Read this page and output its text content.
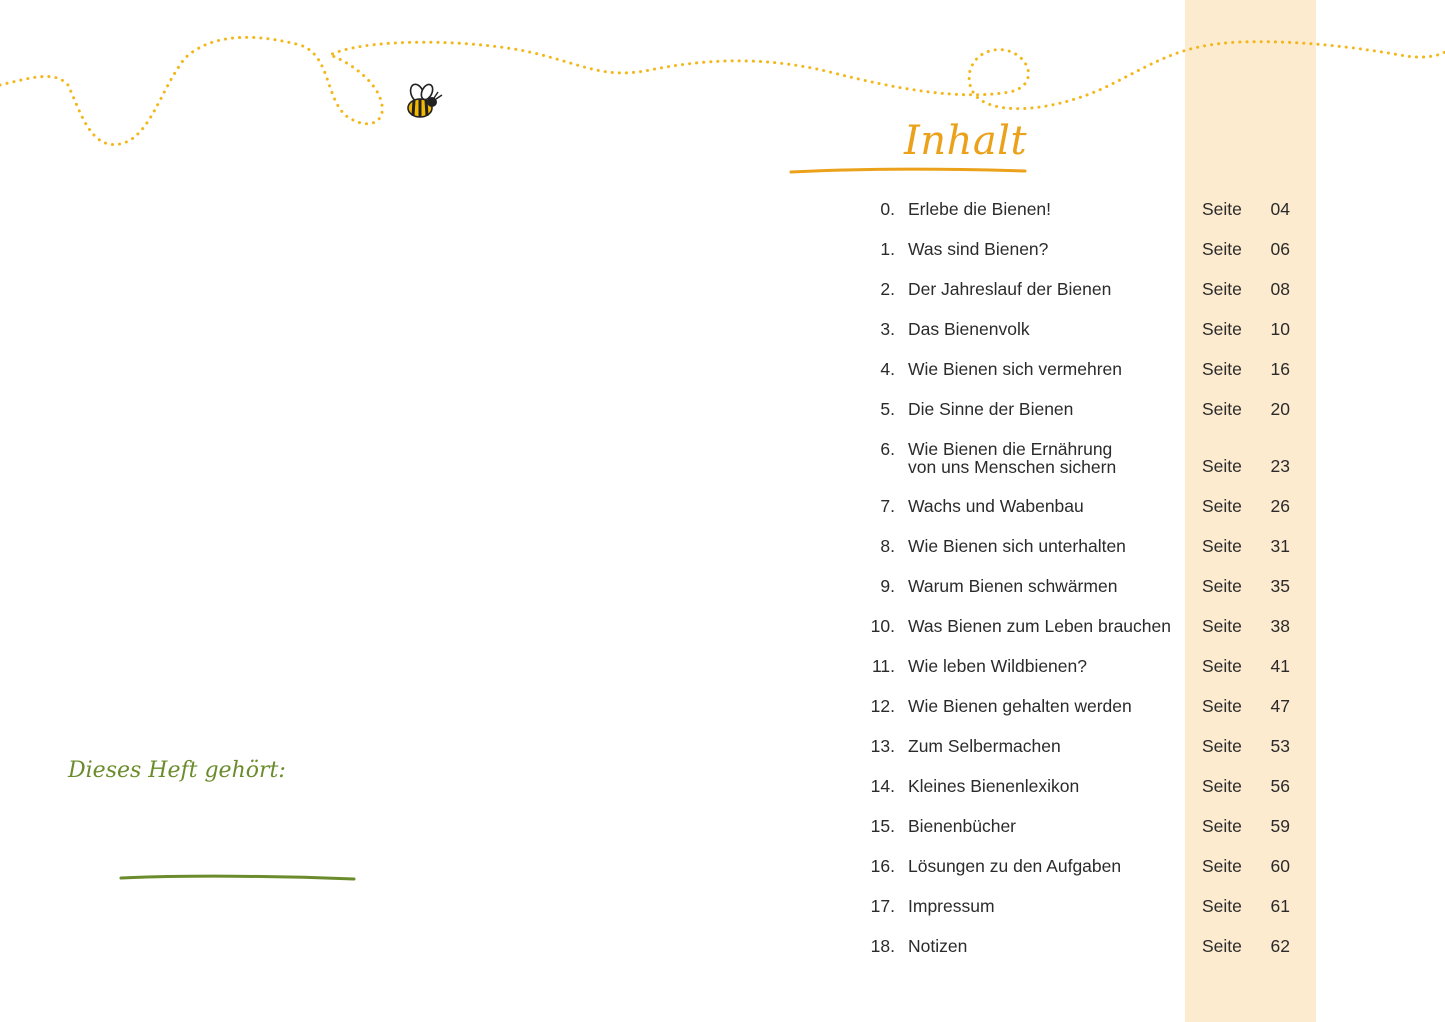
Inhalt
0. Erlebe die Bienen!	Seite 04
1. Was sind Bienen?	Seite 06
2. Der Jahreslauf der Bienen	Seite 08
3. Das Bienenvolk	Seite 10
4. Wie Bienen sich vermehren	Seite 16
5. Die Sinne der Bienen	Seite 20
6. Wie Bienen die Ernährung
von uns Menschen sichern	Seite 23
7. Wachs und Wabenbau	Seite 26
8. Wie Bienen sich unterhalten	Seite 31
9. Warum Bienen schwärmen	Seite 35
10. Was Bienen zum Leben brauchen	Seite 38
11. Wie leben Wildbienen?	Seite 41
12. Wie Bienen gehalten werden	Seite 47
13. Zum Selbermachen	Seite 53
14. Kleines Bienenlexikon	Seite 56
15. Bienenbücher	Seite 59
16. Lösungen zu den Aufgaben	Seite 60
17. Impressum	Seite 61
18. Notizen	Seite 62
Dieses Heft gehört:
